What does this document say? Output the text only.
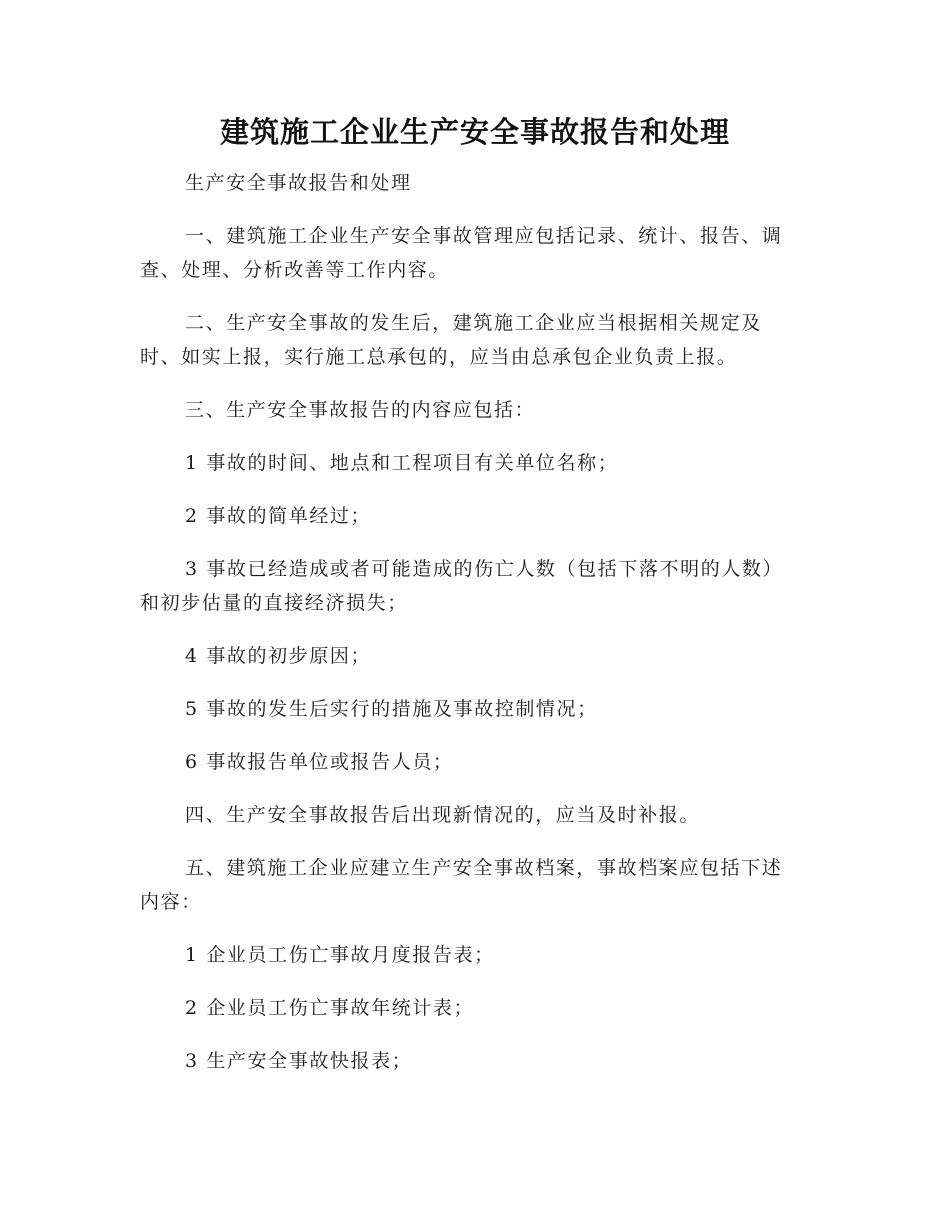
建筑施工企业生产安全事故报告和处理

生产安全事故报告和处理

一、建筑施工企业生产安全事故管理应包括记录、统计、报告、调查、处理、分析改善等工作内容。

二、生产安全事故的发生后，建筑施工企业应当根据相关规定及时、如实上报，实行施工总承包的，应当由总承包企业负责上报。

三、生产安全事故报告的内容应包括：

1 事故的时间、地点和工程项目有关单位名称；

2 事故的简单经过；

3 事故已经造成或者可能造成的伤亡人数（包括下落不明的人数）和初步估量的直接经济损失；

4 事故的初步原因；

5 事故的发生后实行的措施及事故控制情况；

6 事故报告单位或报告人员；

四、生产安全事故报告后出现新情况的，应当及时补报。

五、建筑施工企业应建立生产安全事故档案，事故档案应包括下述内容：

1 企业员工伤亡事故月度报告表；

2 企业员工伤亡事故年统计表；

3 生产安全事故快报表；
